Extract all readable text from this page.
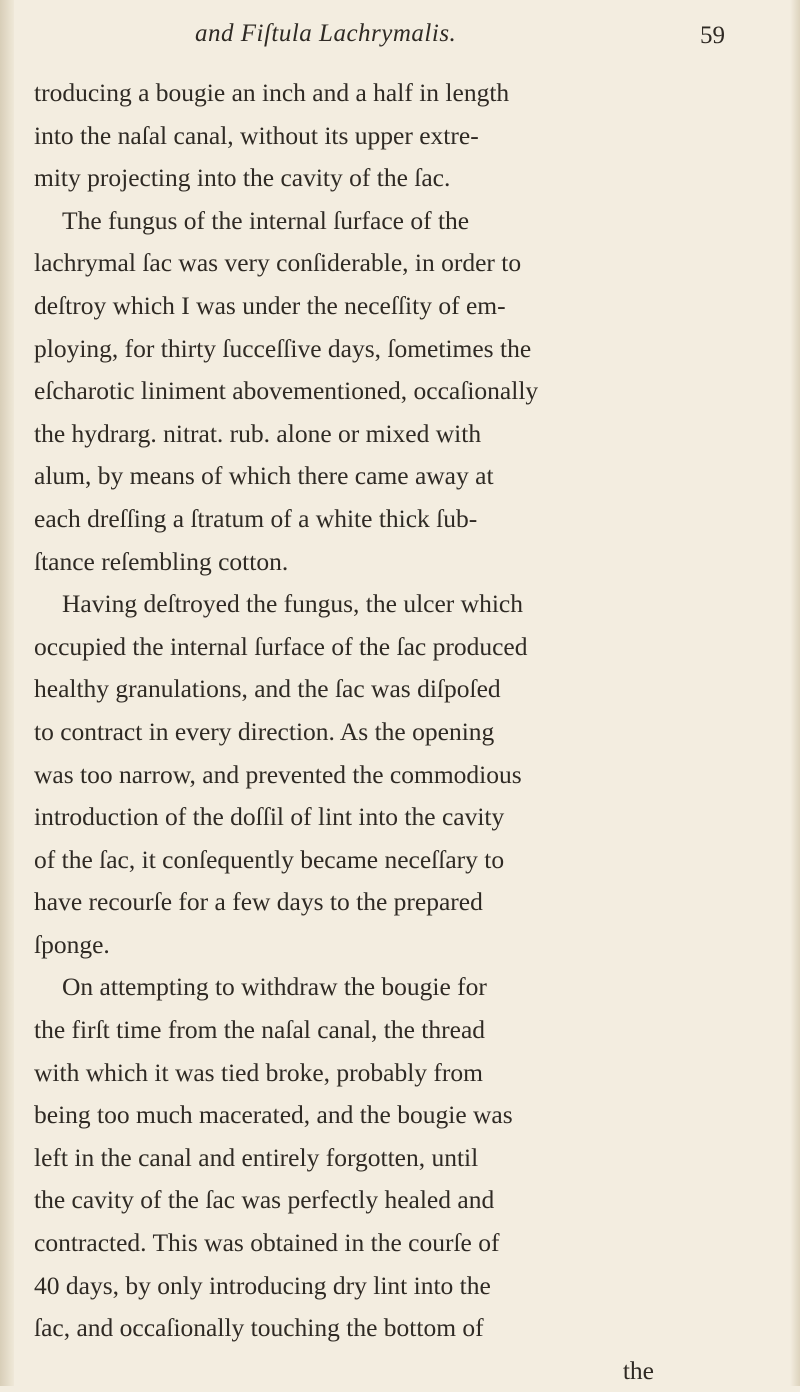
and Fiſtula Lachrymalis.	59
troducing a bougie an inch and a half in length
into the naſal canal, without its upper extre-
mity projecting into the cavity of the ſac.
The fungus of the internal ſurface of the
lachrymal ſac was very conſiderable, in order to
deſtroy which I was under the neceſſity of em-
ploying, for thirty ſucceſſive days, ſometimes the
eſcharotic liniment abovementioned, occaſionally
the hydrarg. nitrat. rub. alone or mixed with
alum, by means of which there came away at
each dreſſing a ſtratum of a white thick ſub-
ſtance reſembling cotton.
Having deſtroyed the fungus, the ulcer which
occupied the internal ſurface of the ſac produced
healthy granulations, and the ſac was diſpoſed
to contract in every direction. As the opening
was too narrow, and prevented the commodious
introduction of the doſſil of lint into the cavity
of the ſac, it conſequently became neceſſary to
have recourſe for a few days to the prepared
ſponge.
On attempting to withdraw the bougie for
the firſt time from the naſal canal, the thread
with which it was tied broke, probably from
being too much macerated, and the bougie was
left in the canal and entirely forgotten, until
the cavity of the ſac was perfectly healed and
contracted. This was obtained in the courſe of
40 days, by only introducing dry lint into the
ſac, and occaſionally touching the bottom of
the
